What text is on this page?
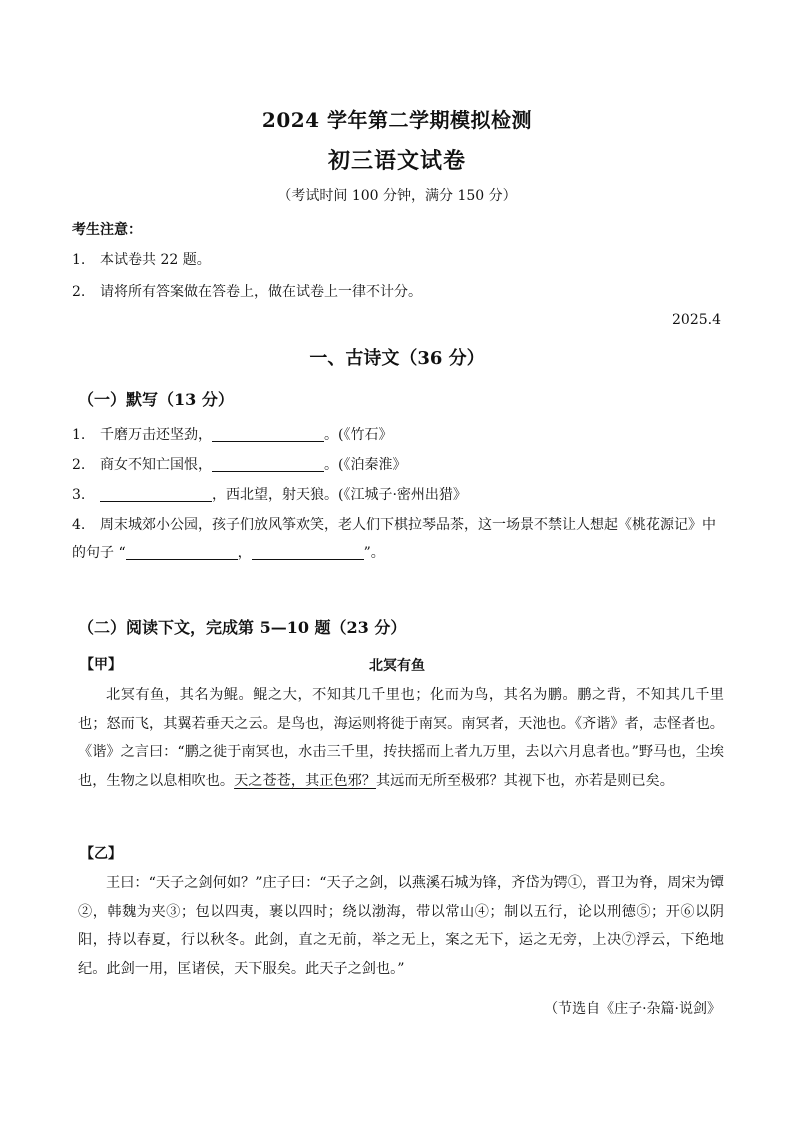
2024 学年第二学期模拟检测
初三语文试卷
（考试时间 100 分钟，满分 150 分）
考生注意：
1. 本试卷共 22 题。
2. 请将所有答案做在答卷上，做在试卷上一律不计分。
2025.4
一、古诗文（36 分）
（一）默写（13 分）
1. 千磨万击还坚劲，	。(《竹石》
2. 商女不知亡国恨，	。(《泊秦淮》
3.	，西北望，射天狼。(《江城子·密州出猎》
4. 周末城郊小公园，孩子们放风筝欢笑，老人们下棋拉琴品茶，这一场景不禁让人想起《桃花源记》中的句子 “	，	”。
（二）阅读下文，完成第 5—10 题（23 分）
【甲】	北冥有鱼

北冥有鱼，其名为鲲。鲲之大，不知其几千里也；化而为鸟，其名为鹏。鹏之背，不知其几千里也；怒而飞，其翼若垂天之云。是鸟也，海运则将徙于南冥。南冥者，天池也。《齐谐》者，志怪者也。《谐》之言曰：“鹏之徙于南冥也，水击三千里，抟扶摇而上者九万里，去以六月息者也。”野马也，尘埃也，生物之以息相吹也。天之苍苍，其正色邪？其远而无所至极邪？其视下也，亦若是则已矣。

【乙】

王曰：“天子之剑何如？”庄子曰：“天子之剑，以燕溪石城为锋，齐岱为锷①，晋卫为脊，周宋为镡②，韩魏为夹③；包以四夷，裹以四时；绕以渤海，带以常山④；制以五行，论以刑德⑤；开⑥以阴阳，持以春夏，行以秋冬。此剑，直之无前，举之无上，案之无下，运之无旁，上决⑦浮云，下绝地纪。此剑一用，匡诸侯，天下服矣。此天子之剑也。”

（节选自《庄子·杂篇·说剑》
